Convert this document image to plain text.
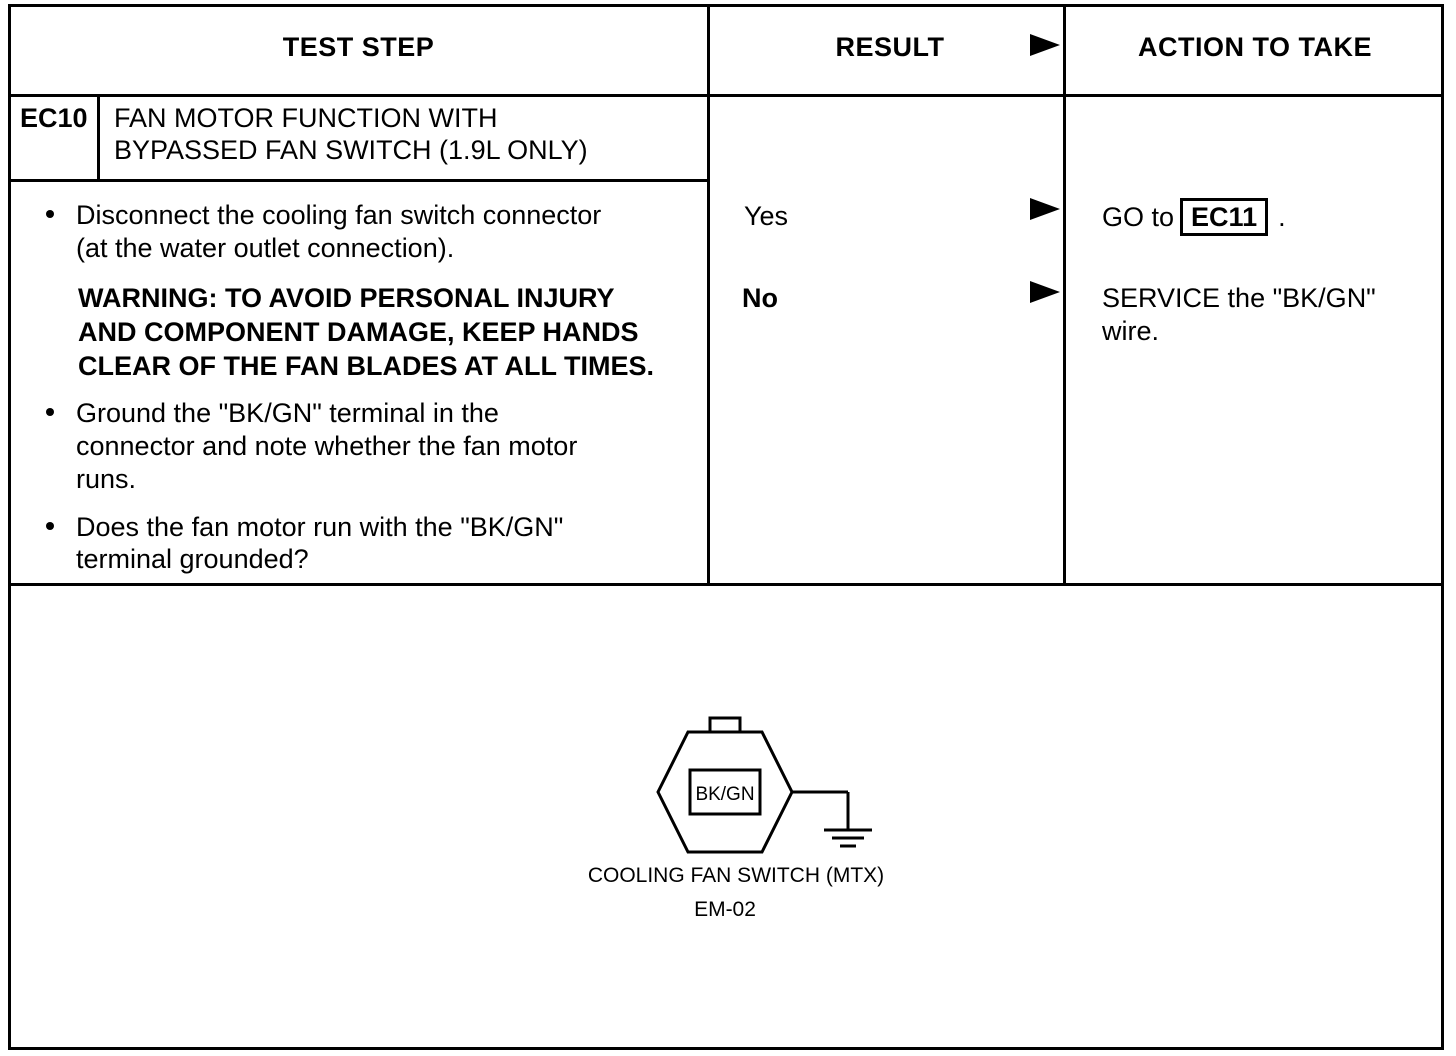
TEST STEP	RESULT	ACTION TO TAKE
EC10 FAN MOTOR FUNCTION WITH
BYPASSED FAN SWITCH (1.9L ONLY)
Disconnect the cooling fan switch connector
(at the water outlet connection).
WARNING: TO AVOID PERSONAL INJURY
AND COMPONENT DAMAGE, KEEP HANDS
CLEAR OF THE FAN BLADES AT ALL TIMES.
Ground the "BK/GN" terminal in the
connector and note whether the fan motor
runs.
Does the fan motor run with the "BK/GN"
terminal grounded?
Yes
No
GO to EC11 .
SERVICE the "BK/GN"
wire.
BK/GN
COOLING FAN SWITCH (MTX)
EM-02
